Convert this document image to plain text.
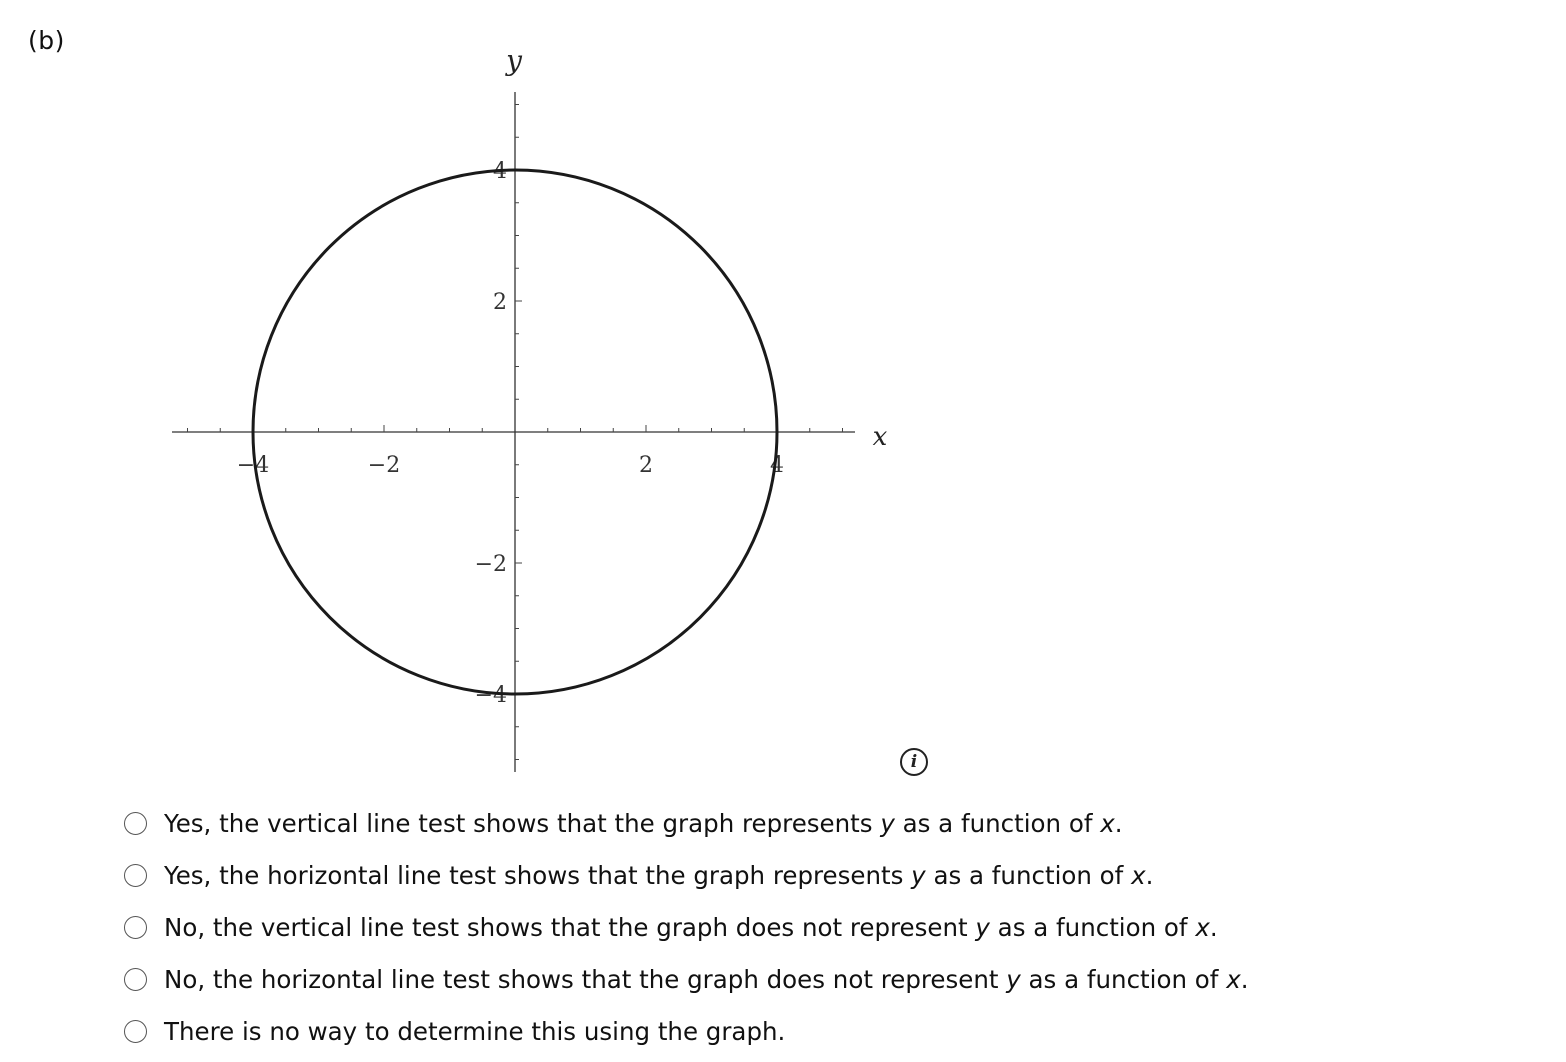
(b)
−4	−2	2	4
4
2
−2
−4
x
y
i
Yes, the vertical line test shows that the graph represents y as a function of x.
Yes, the horizontal line test shows that the graph represents y as a function of x.
No, the vertical line test shows that the graph does not represent y as a function of x.
No, the horizontal line test shows that the graph does not represent y as a function of x.
There is no way to determine this using the graph.
